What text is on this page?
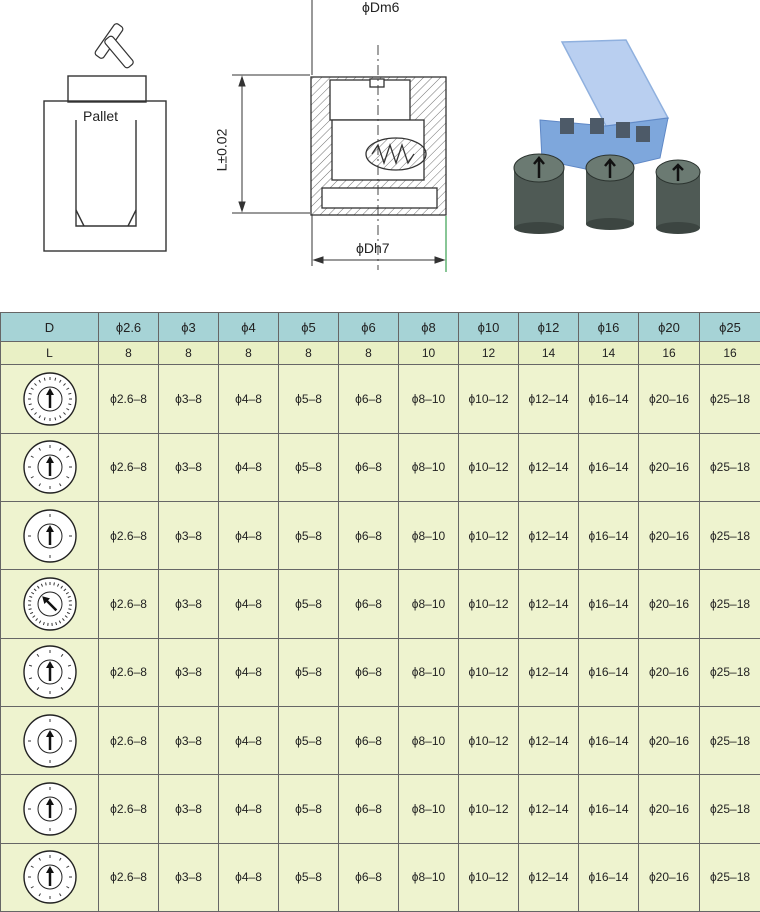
Pallet
ϕDm6
L±0.02
ϕDh7
D	ϕ2.6	ϕ3	ϕ4	ϕ5	ϕ6	ϕ8	ϕ10	ϕ12	ϕ16	ϕ20	ϕ25
L	8	8	8	8	8	10	12	14	14	16	16

	ϕ2.6–8	ϕ3–8	ϕ4–8	ϕ5–8	ϕ6–8	ϕ8–10	ϕ10–12	ϕ12–14	ϕ16–14	ϕ20–16	ϕ25–18

	ϕ2.6–8	ϕ3–8	ϕ4–8	ϕ5–8	ϕ6–8	ϕ8–10	ϕ10–12	ϕ12–14	ϕ16–14	ϕ20–16	ϕ25–18

	ϕ2.6–8	ϕ3–8	ϕ4–8	ϕ5–8	ϕ6–8	ϕ8–10	ϕ10–12	ϕ12–14	ϕ16–14	ϕ20–16	ϕ25–18

	ϕ2.6–8	ϕ3–8	ϕ4–8	ϕ5–8	ϕ6–8	ϕ8–10	ϕ10–12	ϕ12–14	ϕ16–14	ϕ20–16	ϕ25–18

	ϕ2.6–8	ϕ3–8	ϕ4–8	ϕ5–8	ϕ6–8	ϕ8–10	ϕ10–12	ϕ12–14	ϕ16–14	ϕ20–16	ϕ25–18

	ϕ2.6–8	ϕ3–8	ϕ4–8	ϕ5–8	ϕ6–8	ϕ8–10	ϕ10–12	ϕ12–14	ϕ16–14	ϕ20–16	ϕ25–18

	ϕ2.6–8	ϕ3–8	ϕ4–8	ϕ5–8	ϕ6–8	ϕ8–10	ϕ10–12	ϕ12–14	ϕ16–14	ϕ20–16	ϕ25–18

	ϕ2.6–8	ϕ3–8	ϕ4–8	ϕ5–8	ϕ6–8	ϕ8–10	ϕ10–12	ϕ12–14	ϕ16–14	ϕ20–16	ϕ25–18
